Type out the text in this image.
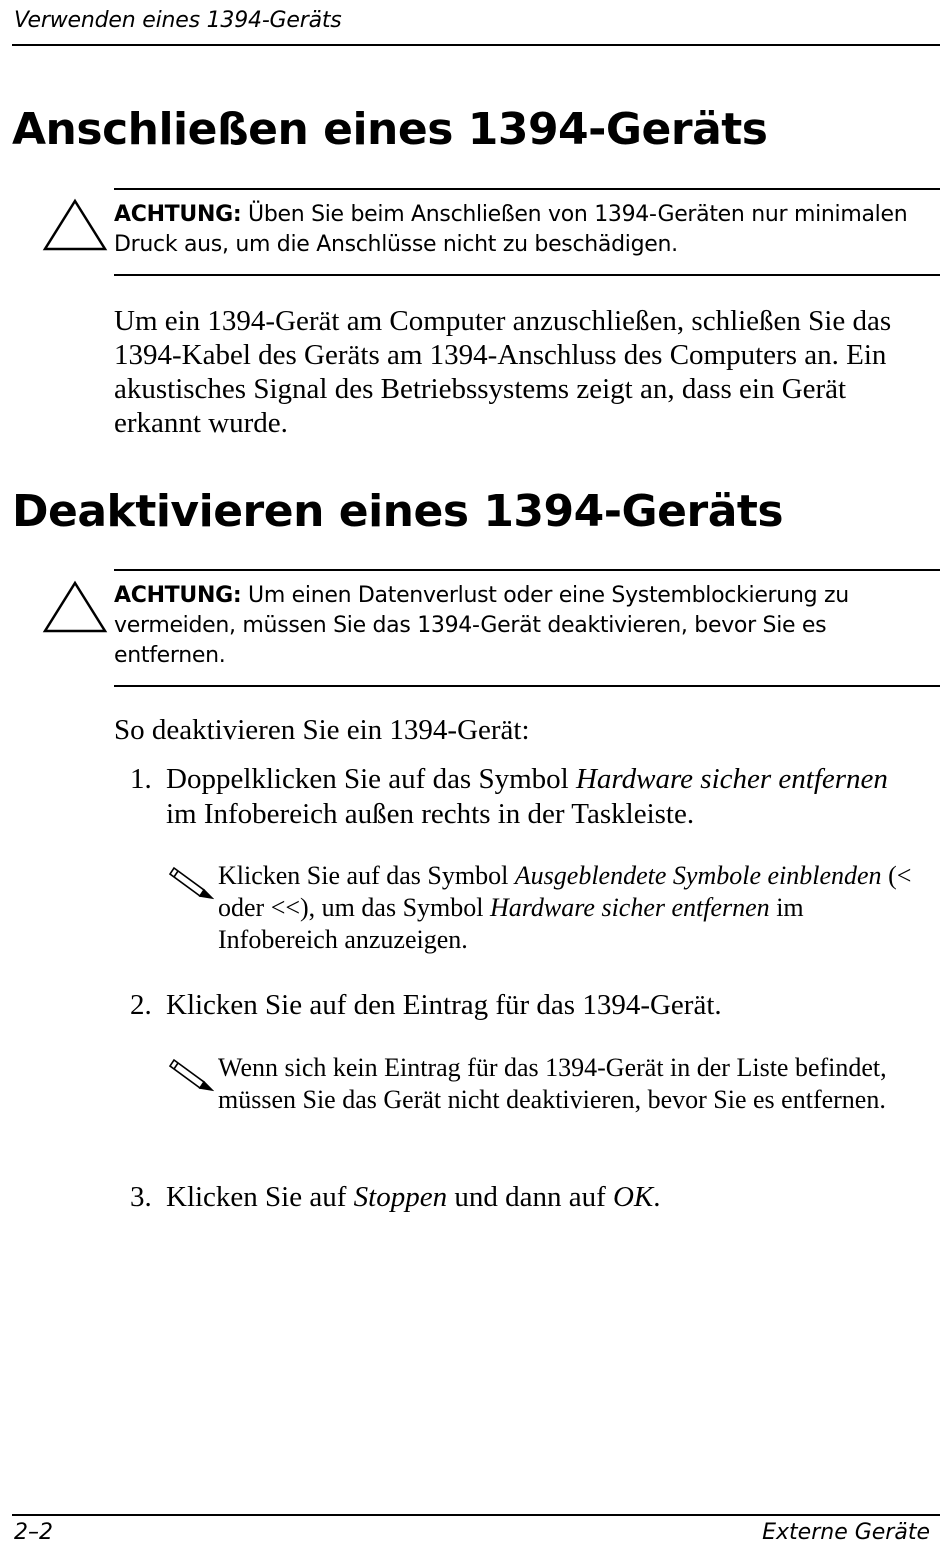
Verwenden eines 1394-Geräts
Anschließen eines 1394-Geräts

ACHTUNG: Üben Sie beim Anschließen von 1394-Geräten nur minimalen Druck aus, um die Anschlüsse nicht zu beschädigen.

Um ein 1394-Gerät am Computer anzuschließen, schließen Sie das 1394-Kabel des Geräts am 1394-Anschluss des Computers an. Ein akustisches Signal des Betriebssystems zeigt an, dass ein Gerät erkannt wurde.

Deaktivieren eines 1394-Geräts

ACHTUNG: Um einen Datenverlust oder eine Systemblockierung zu vermeiden, müssen Sie das 1394-Gerät deaktivieren, bevor Sie es entfernen.

So deaktivieren Sie ein 1394-Gerät:

1. Doppelklicken Sie auf das Symbol Hardware sicher entfernen im Infobereich außen rechts in der Taskleiste.

Klicken Sie auf das Symbol Ausgeblendete Symbole einblenden (< oder <<), um das Symbol Hardware sicher entfernen im Infobereich anzuzeigen.

2. Klicken Sie auf den Eintrag für das 1394-Gerät.

Wenn sich kein Eintrag für das 1394-Gerät in der Liste befindet, müssen Sie das Gerät nicht deaktivieren, bevor Sie es entfernen.

3. Klicken Sie auf Stoppen und dann auf OK.

2–2	Externe Geräte
